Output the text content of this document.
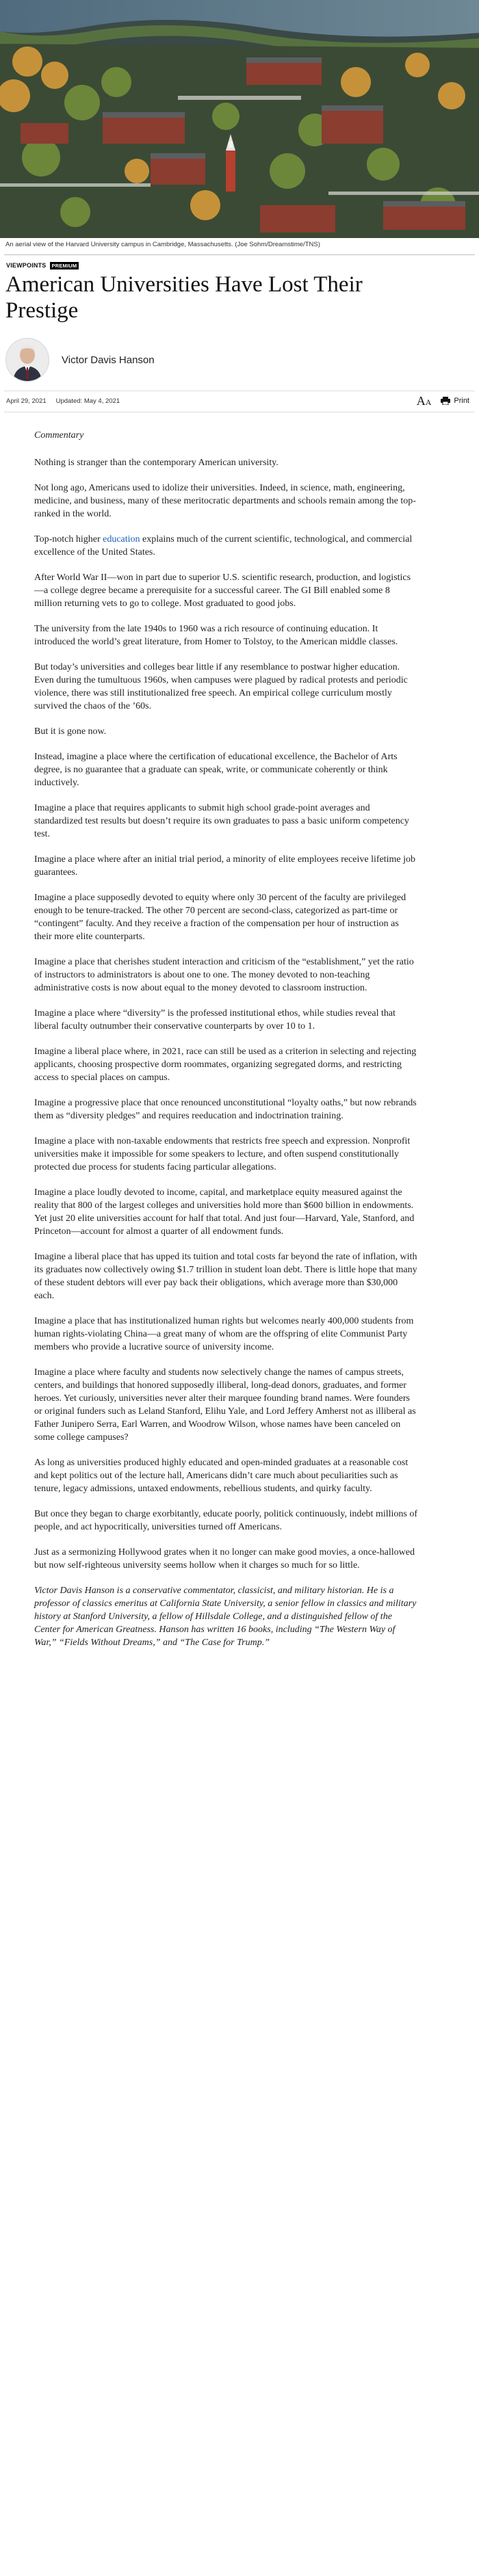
An aerial view of the Harvard University campus in Cambridge, Massachusetts. (Joe Sohm/Dreamstime/TNS)
VIEWPOINTS	PREMIUM
American Universities Have Lost Their Prestige
Victor Davis Hanson
April 29, 2021 Updated: May 4, 2021	AA	Print

Commentary

Nothing is stranger than the contemporary American university.

Not long ago, Americans used to idolize their universities. Indeed, in science, math, engineering, medicine, and business, many of these meritocratic departments and schools remain among the top-ranked in the world.

Top-notch higher education explains much of the current scientific, technological, and commercial excellence of the United States.

After World War II—won in part due to superior U.S. scientific research, production, and logistics—a college degree became a prerequisite for a successful career. The GI Bill enabled some 8 million returning vets to go to college. Most graduated to good jobs.

The university from the late 1940s to 1960 was a rich resource of continuing education. It introduced the world’s great literature, from Homer to Tolstoy, to the American middle classes.

But today’s universities and colleges bear little if any resemblance to postwar higher education. Even during the tumultuous 1960s, when campuses were plagued by radical protests and periodic violence, there was still institutionalized free speech. An empirical college curriculum mostly survived the chaos of the ’60s.

But it is gone now.

Instead, imagine a place where the certification of educational excellence, the Bachelor of Arts degree, is no guarantee that a graduate can speak, write, or communicate coherently or think inductively.

Imagine a place that requires applicants to submit high school grade-point averages and standardized test results but doesn’t require its own graduates to pass a basic uniform competency test.

Imagine a place where after an initial trial period, a minority of elite employees receive lifetime job guarantees.

Imagine a place supposedly devoted to equity where only 30 percent of the faculty are privileged enough to be tenure-tracked. The other 70 percent are second-class, categorized as part-time or “contingent” faculty. And they receive a fraction of the compensation per hour of instruction as their more elite counterparts.

Imagine a place that cherishes student interaction and criticism of the “establishment,” yet the ratio of instructors to administrators is about one to one. The money devoted to non-teaching administrative costs is now about equal to the money devoted to classroom instruction.

Imagine a place where “diversity” is the professed institutional ethos, while studies reveal that liberal faculty outnumber their conservative counterparts by over 10 to 1.

Imagine a liberal place where, in 2021, race can still be used as a criterion in selecting and rejecting applicants, choosing prospective dorm roommates, organizing segregated dorms, and restricting access to special places on campus.

Imagine a progressive place that once renounced unconstitutional “loyalty oaths,” but now rebrands them as “diversity pledges” and requires reeducation and indoctrination training.

Imagine a place with non-taxable endowments that restricts free speech and expression. Nonprofit universities make it impossible for some speakers to lecture, and often suspend constitutionally protected due process for students facing particular allegations.

Imagine a place loudly devoted to income, capital, and marketplace equity measured against the reality that 800 of the largest colleges and universities hold more than $600 billion in endowments. Yet just 20 elite universities account for half that total. And just four—Harvard, Yale, Stanford, and Princeton—account for almost a quarter of all endowment funds.

Imagine a liberal place that has upped its tuition and total costs far beyond the rate of inflation, with its graduates now collectively owing $1.7 trillion in student loan debt. There is little hope that many of these student debtors will ever pay back their obligations, which average more than $30,000 each.

Imagine a place that has institutionalized human rights but welcomes nearly 400,000 students from human rights-violating China—a great many of whom are the offspring of elite Communist Party members who provide a lucrative source of university income.

Imagine a place where faculty and students now selectively change the names of campus streets, centers, and buildings that honored supposedly illiberal, long-dead donors, graduates, and former heroes. Yet curiously, universities never alter their marquee founding brand names. Were founders or original funders such as Leland Stanford, Elihu Yale, and Lord Jeffery Amherst not as illiberal as Father Junipero Serra, Earl Warren, and Woodrow Wilson, whose names have been canceled on some college campuses?

As long as universities produced highly educated and open-minded graduates at a reasonable cost and kept politics out of the lecture hall, Americans didn’t care much about peculiarities such as tenure, legacy admissions, untaxed endowments, rebellious students, and quirky faculty.

But once they began to charge exorbitantly, educate poorly, politick continuously, indebt millions of people, and act hypocritically, universities turned off Americans.

Just as a sermonizing Hollywood grates when it no longer can make good movies, a once-hallowed but now self-righteous university seems hollow when it charges so much for so little.

Victor Davis Hanson is a conservative commentator, classicist, and military historian. He is a professor of classics emeritus at California State University, a senior fellow in classics and military history at Stanford University, a fellow of Hillsdale College, and a distinguished fellow of the Center for American Greatness. Hanson has written 16 books, including “The Western Way of War,” “Fields Without Dreams,” and “The Case for Trump.”
